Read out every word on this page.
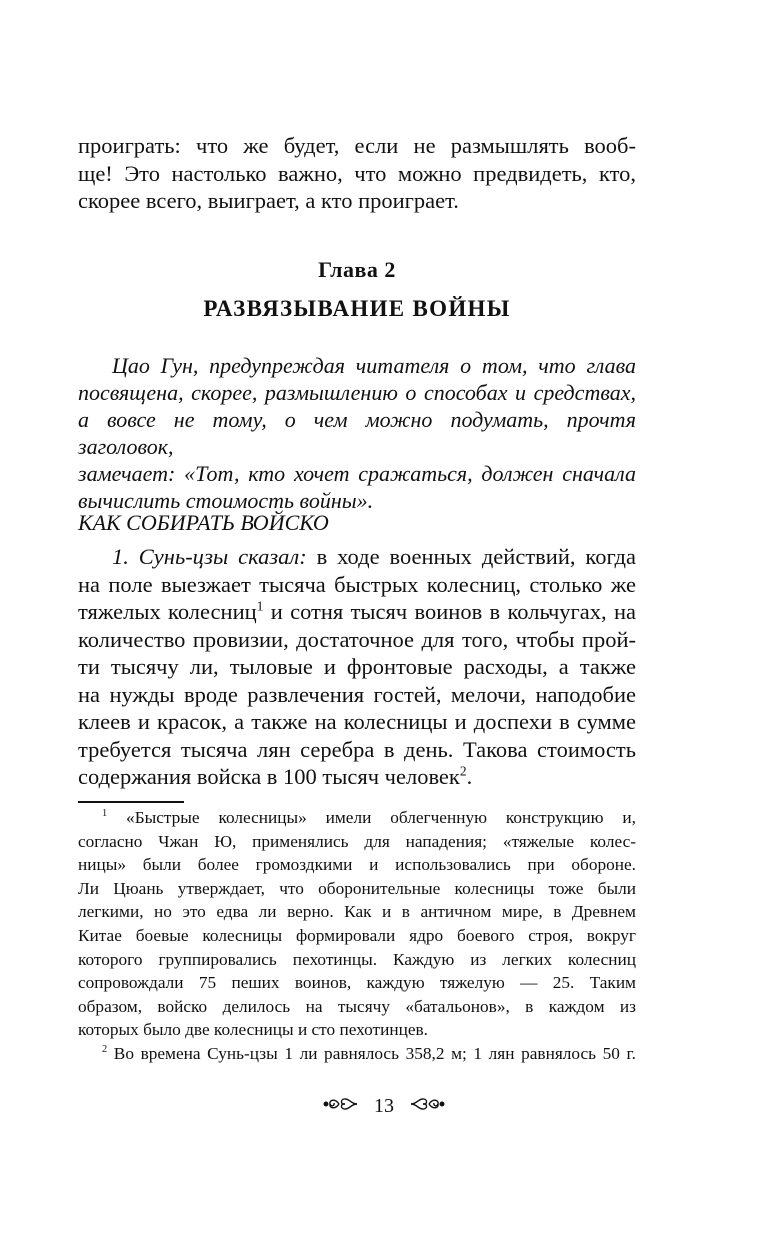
проиграть: что же будет, если не размышлять вооб-
ще! Это настолько важно, что можно предвидеть, кто,
скорее всего, выиграет, а кто проиграет.
Глава 2
РАЗВЯЗЫВАНИЕ ВОЙНЫ
Цао Гун, предупреждая читателя о том, что глава
посвящена, скорее, размышлению о способах и средствах,
а вовсе не тому, о чем можно подумать, прочтя заголовок,
замечает: «Тот, кто хочет сражаться, должен сначала
вычислить стоимость войны».
КАК СОБИРАТЬ ВОЙСКО
1. Сунь-цзы сказал: в ходе военных действий, когда
на поле выезжает тысяча быстрых колесниц, столько же
тяжелых колесниц$^1$ и сотня тысяч воинов в кольчугах, на
количество провизии, достаточное для того, чтобы прой-
ти тысячу ли, тыловые и фронтовые расходы, а также
на нужды вроде развлечения гостей, мелочи, наподобие
клеев и красок, а также на колесницы и доспехи в сумме
требуется тысяча лян серебра в день. Такова стоимость
содержания войска в 100 тысяч человек$^2$.
$^1$ «Быстрые колесницы» имели облегченную конструкцию и,
согласно Чжан Ю, применялись для нападения; «тяжелые колес-
ницы» были более громоздкими и использовались при обороне.
Ли Цюань утверждает, что оборонительные колесницы тоже были
легкими, но это едва ли верно. Как и в античном мире, в Древнем
Китае боевые колесницы формировали ядро боевого строя, вокруг
которого группировались пехотинцы. Каждую из легких колесниц
сопровождали 75 пеших воинов, каждую тяжелую — 25. Таким
образом, войско делилось на тысячу «батальонов», в каждом из
которых было две колесницы и сто пехотинцев.
$^2$ Во времена Сунь-цзы 1 ли равнялось 358,2 м; 1 лян равнялось 50 г.
13
